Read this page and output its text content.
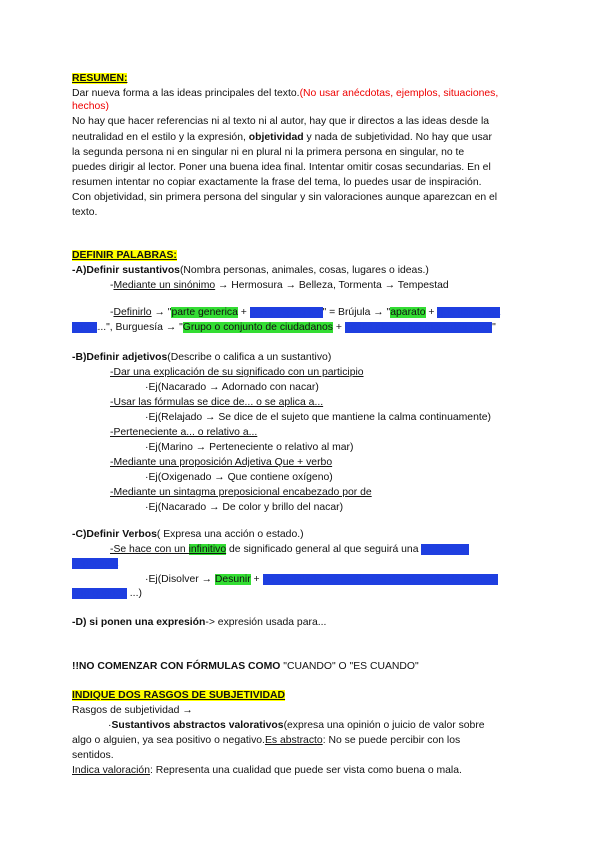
RESUMEN:
Dar nueva forma a las ideas principales del texto.(No usar anécdotas, ejemplos, situaciones,
hechos)
No hay que hacer referencias ni al texto ni al autor, hay que ir directos a las ideas desde la
neutralidad en el estilo y la expresión, objetividad y nada de subjetividad. No hay que usar
la segunda persona ni en singular ni en plural ni la primera persona en singular, no te
puedes dirigir al lector. Poner una buena idea final. Intentar omitir cosas secundarias. En el
resumen intentar no copiar exactamente la frase del tema, lo puedes usar de inspiración.
Con objetividad, sin primera persona del singular y sin valoraciones aunque aparezcan en el
texto.
DEFINIR PALABRAS:
-A)Definir sustantivos(Nombra personas, animales, cosas, lugares o ideas.)
-Mediante un sinónimo → Hermosura → Belleza, Tormenta → Tempestad
-Definirlo → "parte generica + parte especifica" = Brújula → "aparato + que tiene una
aguja...", Burguesía → "Grupo o conjunto de ciudadanos + de las clases acomodadas ricas"
-B)Definir adjetivos(Describe o califica a un sustantivo)
-Dar una explicación de su significado con un participio
·Ej(Nacarado → Adornado con nacar)
-Usar las fórmulas se dice de... o se aplica a...
·Ej(Relajado → Se dice de el sujeto que mantiene la calma continuamente)
-Perteneciente a... o relativo a...
·Ej(Marino → Perteneciente o relativo al mar)
-Mediante una proposición Adjetiva Que + verbo
·Ej(Oxigenado → Que contiene oxígeno)
-Mediante un sintagma preposicional encabezado por de
·Ej(Nacarado → De color y brillo del nacar)
-C)Definir Verbos( Expresa una acción o estado.)
-Se hace con un infinitivo de significado general al que seguirá una aclaración
especifica
·Ej(Disolver → Desunir + en un líquido las partículas de un sólido de manera
que queden ...)
-D) si ponen una expresión-> expresión usada para...
!!NO COMENZAR CON FÓRMULAS COMO "CUANDO" O "ES CUANDO"
INDIQUE DOS RASGOS DE SUBJETIVIDAD
Rasgos de subjetividad →
·Sustantivos abstractos valorativos(expresa una opinión o juicio de valor sobre
algo o alguien, ya sea positivo o negativo.Es abstracto: No se puede percibir con los
sentidos.
Indica valoración: Representa una cualidad que puede ser vista como buena o mala.
